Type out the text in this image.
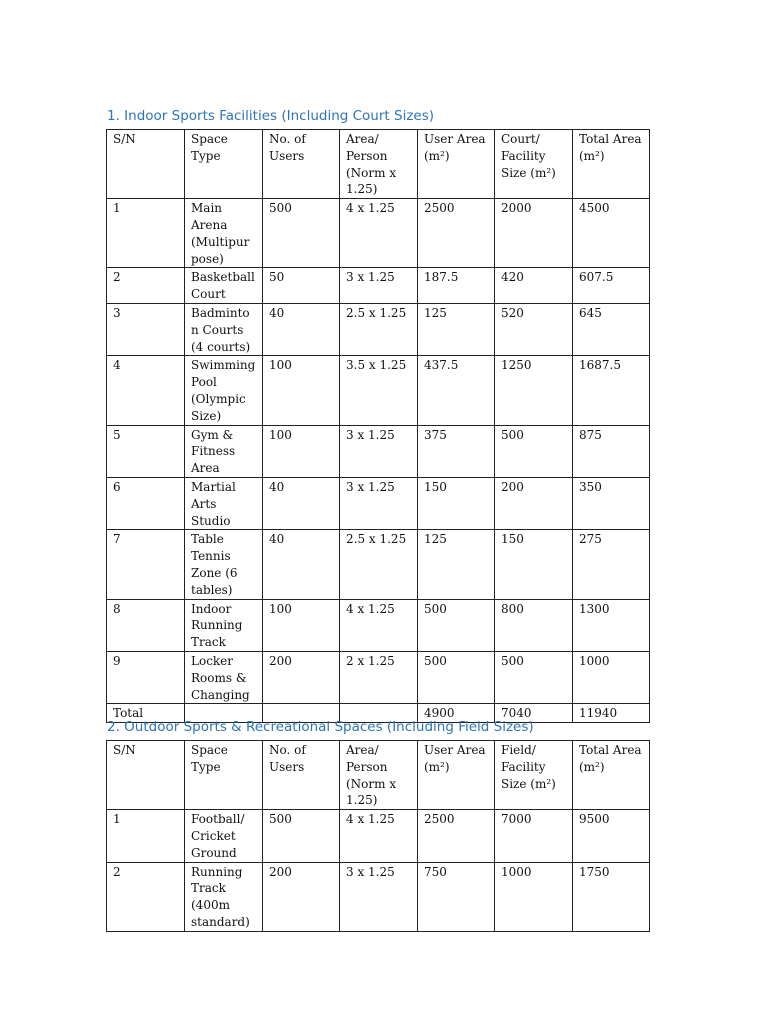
1. Indoor Sports Facilities (Including Court Sizes)
S/N	Space Type	No. of Users	Area/ Person (Norm x 1.25)	User Area (m²)	Court/ Facility Size (m²)	Total Area (m²)
1	Main Arena (Multipur pose)	500	4 x 1.25	2500	2000	4500
2	Basketball Court	50	3 x 1.25	187.5	420	607.5
3	Badminto n Courts (4 courts)	40	2.5 x 1.25	125	520	645
4	Swimming Pool (Olympic Size)	100	3.5 x 1.25	437.5	1250	1687.5
5	Gym & Fitness Area	100	3 x 1.25	375	500	875
6	Martial Arts Studio	40	3 x 1.25	150	200	350
7	Table Tennis Zone (6 tables)	40	2.5 x 1.25	125	150	275
8	Indoor Running Track	100	4 x 1.25	500	800	1300
9	Locker Rooms & Changing	200	2 x 1.25	500	500	1000
Total				4900	7040	11940
2. Outdoor Sports & Recreational Spaces (Including Field Sizes)
S/N	Space Type	No. of Users	Area/ Person (Norm x 1.25)	User Area (m²)	Field/ Facility Size (m²)	Total Area (m²)
1	Football/ Cricket Ground	500	4 x 1.25	2500	7000	9500
2	Running Track (400m standard)	200	3 x 1.25	750	1000	1750
